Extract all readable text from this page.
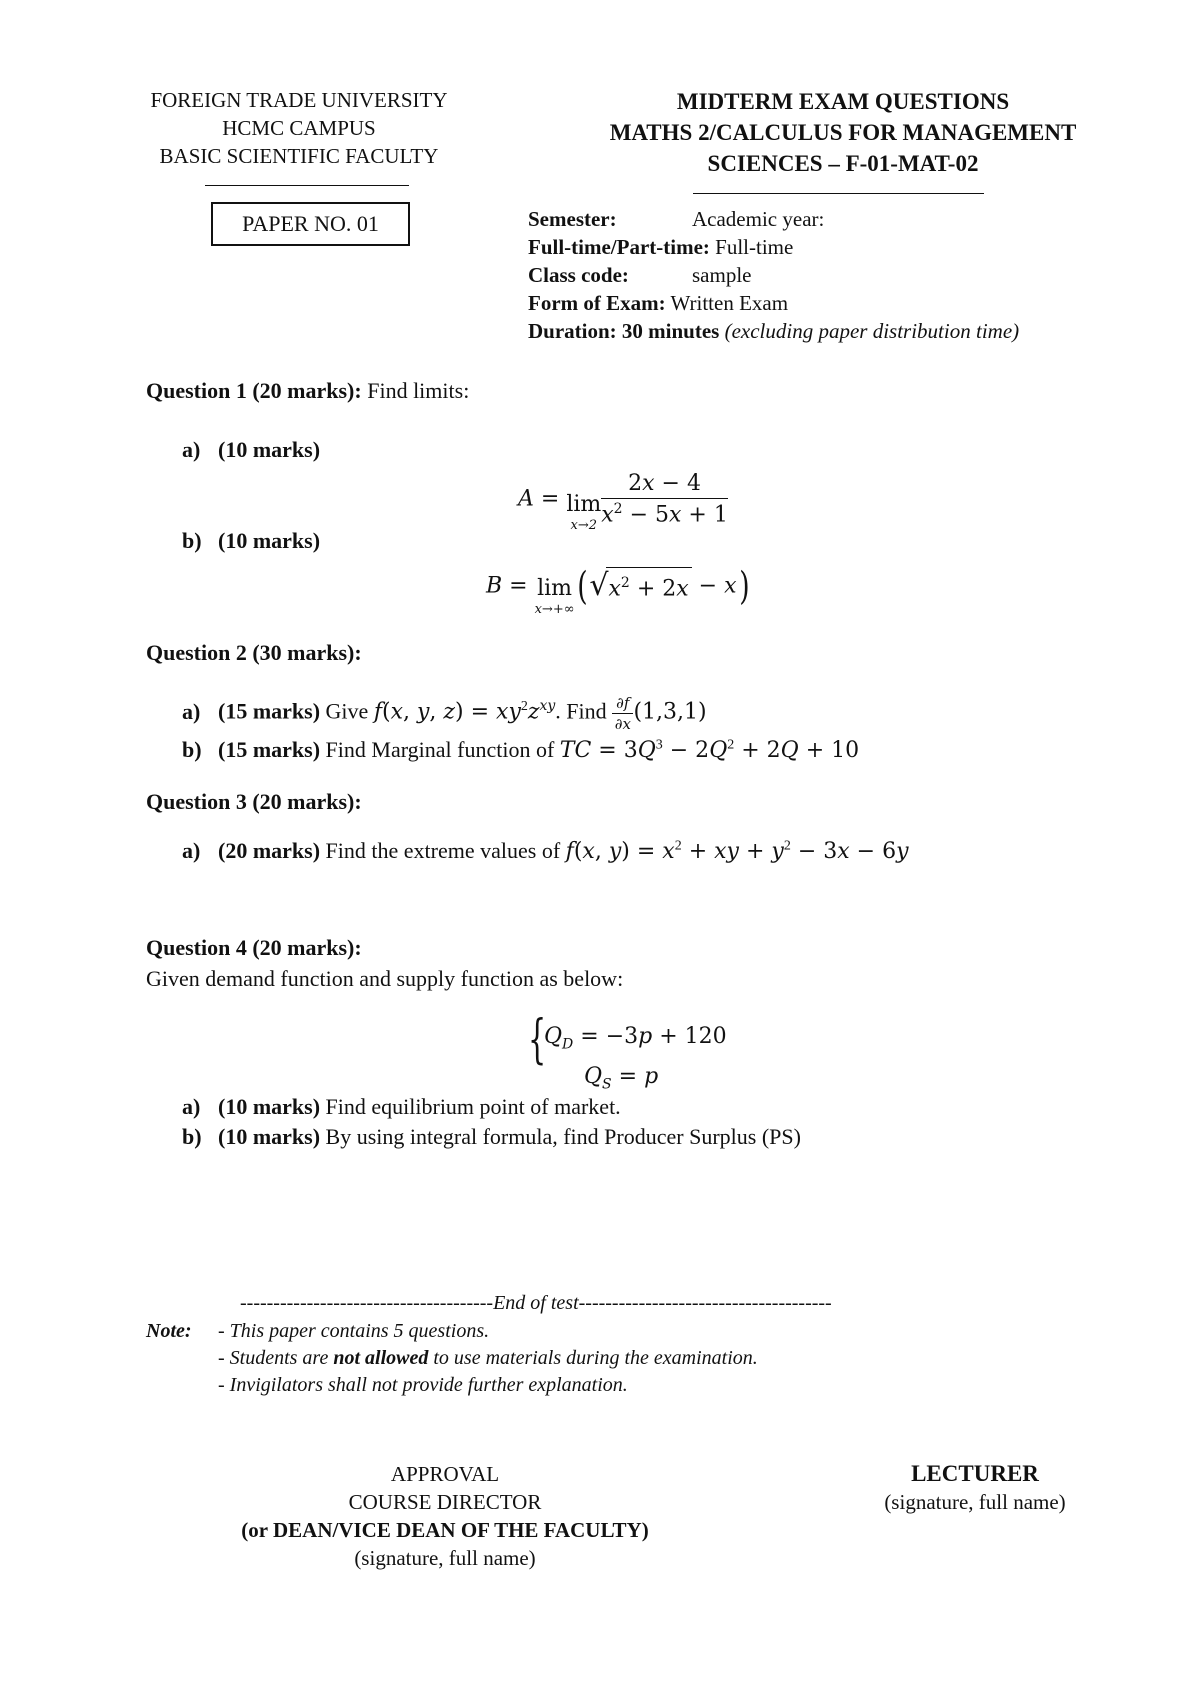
FOREIGN TRADE UNIVERSITY
HCMC CAMPUS
BASIC SCIENTIFIC FACULTY
PAPER NO. 01
MIDTERM EXAM QUESTIONS
MATHS 2/CALCULUS FOR MANAGEMENT
SCIENCES – F-01-MAT-02
Semester:	Academic year:
Full-time/Part-time: Full-time
Class code:	sample
Form of Exam: Written Exam
Duration: 30 minutes (excluding paper distribution time)
Question 1 (20 marks): Find limits:
a) (10 marks)
A = lim
$x\to 2 \frac{2x - 4}{x^2 - 5x + 1}$
b) (10 marks)
B = lim
x→+∞
$(√x^2 + 2x - x)$
Question 2 (30 marks):
a) (15 marks) Give f(x, y, $z) = xy^2z^{xy}$. Find $\frac{\partial f}{\partial x} (1,3,1)$
b) (15 marks) Find Marginal function of TC = $3Q^3 - 2Q^2 + 2Q + 10$
Question 3 (20 marks):
a) (20 marks) Find the extreme values of f(x, $y) = x^2$ + xy + $y^2 - 3x - 6y$
Question 4 (20 marks):
Given demand function and supply function as below:
{
$Q_D = -3p + 120$
$Q_S = p$
a) (10 marks) Find equilibrium point of market.
b) (10 marks) By using integral formula, find Producer Surplus (PS)
--------------------------------------End of test--------------------------------------
Note: - This paper contains 5 questions.
- Students are not allowed to use materials during the examination.
- Invigilators shall not provide further explanation.
APPROVAL
COURSE DIRECTOR
(or DEAN/VICE DEAN OF THE FACULTY)
(signature, full name)
LECTURER
(signature, full name)
